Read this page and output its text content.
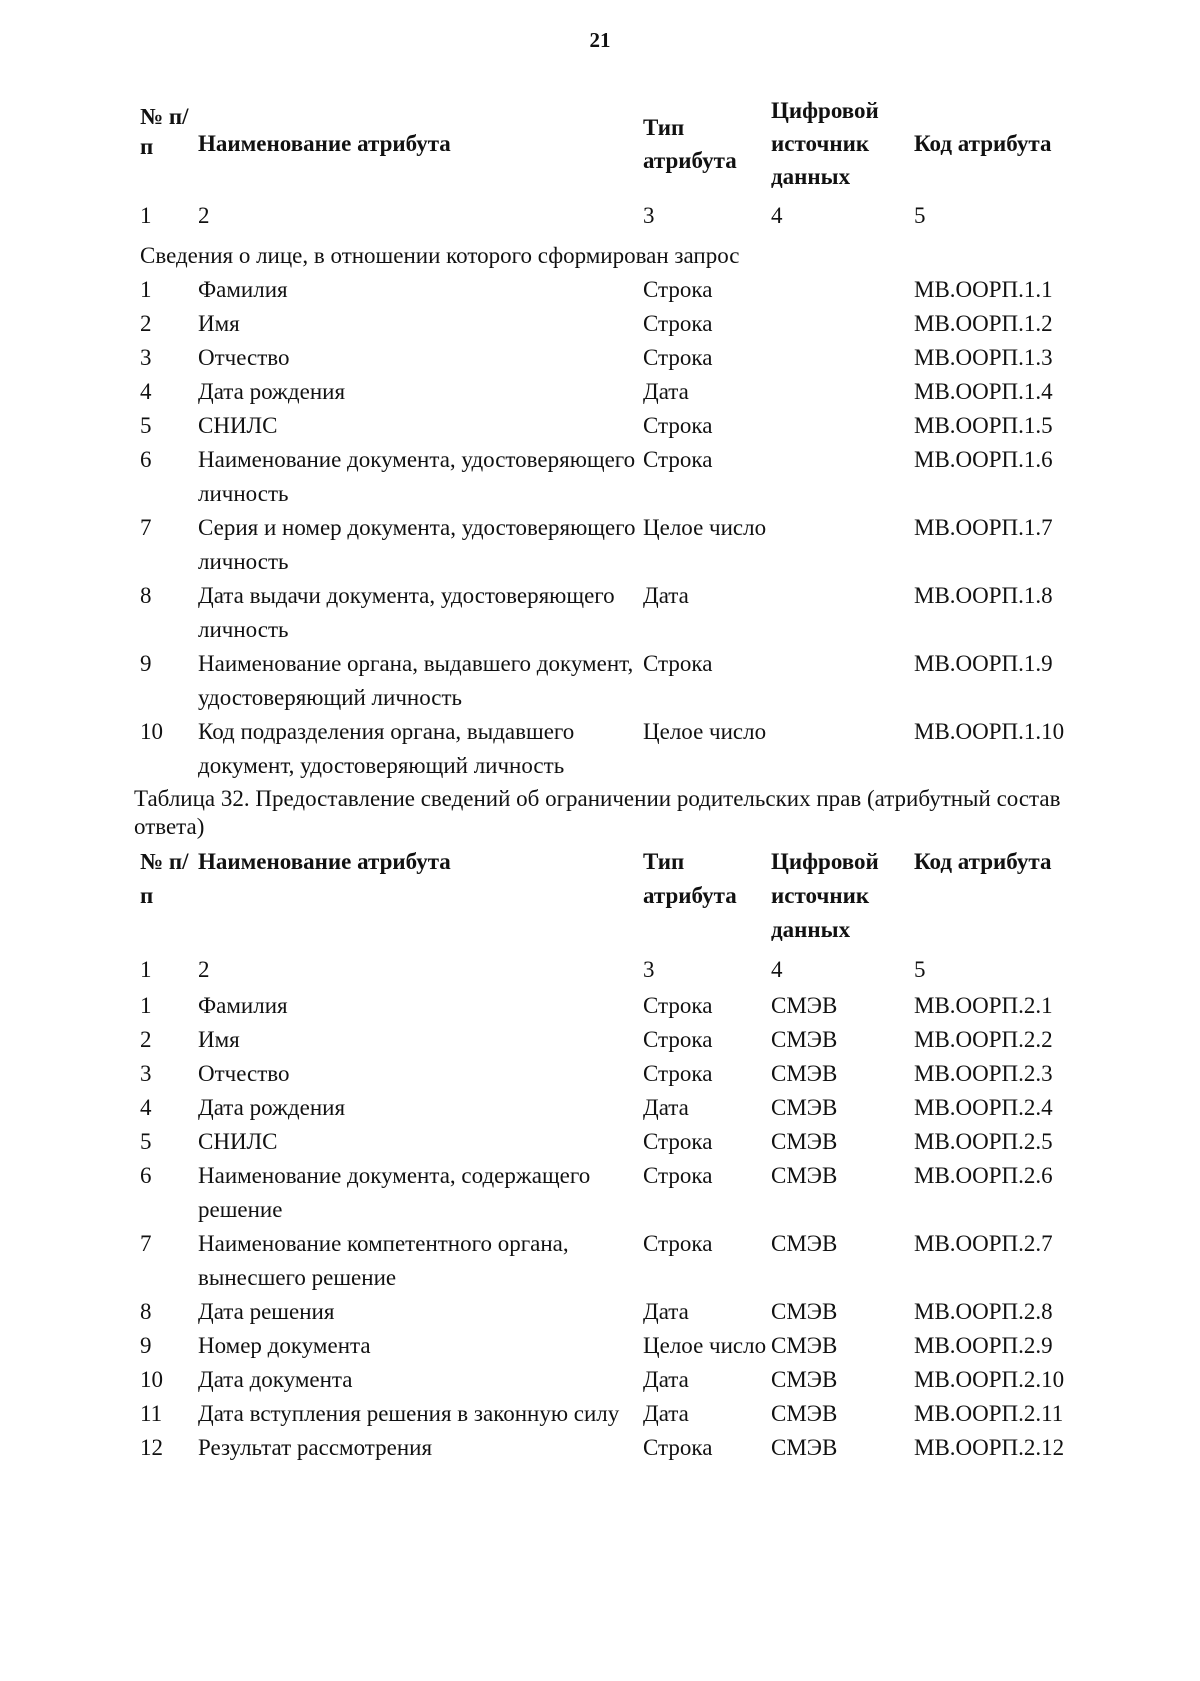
21
№ п/п	Наименование атрибута	Тип атрибута	Цифровой источник данных	Код атрибута
1	2	3	4	5
Сведения о лице, в отношении которого сформирован запрос				
1	Фамилия	Строка		МВ.ООРП.1.1
2	Имя	Строка		МВ.ООРП.1.2
3	Отчество	Строка		МВ.ООРП.1.3
4	Дата рождения	Дата		МВ.ООРП.1.4
5	СНИЛС	Строка		МВ.ООРП.1.5
6	Наименование документа, удостоверяющего личность	Строка		МВ.ООРП.1.6
7	Серия и номер документа, удостоверяющего личность	Целое число		МВ.ООРП.1.7
8	Дата выдачи документа, удостоверяющего личность	Дата		МВ.ООРП.1.8
9	Наименование органа, выдавшего документ, удостоверяющий личность	Строка		МВ.ООРП.1.9
10	Код подразделения органа, выдавшего документ, удостоверяющий личность	Целое число		МВ.ООРП.1.10
Таблица 32. Предоставление сведений об ограничении родительских прав (атрибутный состав ответа)
№ п/п	Наименование атрибута	Тип атрибута	Цифровой источник данных	Код атрибута
1	2	3	4	5
1	Фамилия	Строка	СМЭВ	МВ.ООРП.2.1
2	Имя	Строка	СМЭВ	МВ.ООРП.2.2
3	Отчество	Строка	СМЭВ	МВ.ООРП.2.3
4	Дата рождения	Дата	СМЭВ	МВ.ООРП.2.4
5	СНИЛС	Строка	СМЭВ	МВ.ООРП.2.5
6	Наименование документа, содержащего решение	Строка	СМЭВ	МВ.ООРП.2.6
7	Наименование компетентного органа, вынесшего решение	Строка	СМЭВ	МВ.ООРП.2.7
8	Дата решения	Дата	СМЭВ	МВ.ООРП.2.8
9	Номер документа	Целое число	СМЭВ	МВ.ООРП.2.9
10	Дата документа	Дата	СМЭВ	МВ.ООРП.2.10
11	Дата вступления решения в законную силу	Дата	СМЭВ	МВ.ООРП.2.11
12	Результат рассмотрения	Строка	СМЭВ	МВ.ООРП.2.12
